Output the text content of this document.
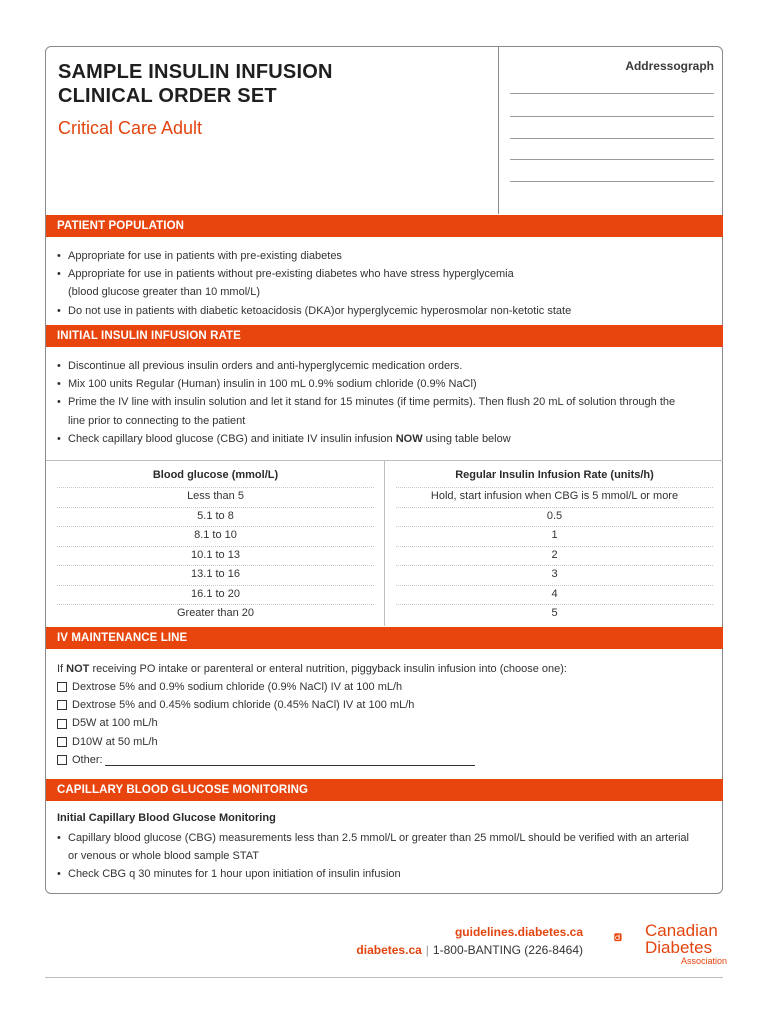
SAMPLE INSULIN INFUSION
CLINICAL ORDER SET
Critical Care Adult
Addressograph
PATIENT POPULATION
• Appropriate for use in patients with pre-existing diabetes
• Appropriate for use in patients without pre-existing diabetes who have stress hyperglycemia
(blood glucose greater than 10 mmol/L)
• Do not use in patients with diabetic ketoacidosis (DKA)or hyperglycemic hyperosmolar non-ketotic state
INITIAL INSULIN INFUSION RATE
• Discontinue all previous insulin orders and anti-hyperglycemic medication orders.
• Mix 100 units Regular (Human) insulin in 100 mL 0.9% sodium chloride (0.9% NaCl)
• Prime the IV line with insulin solution and let it stand for 15 minutes (if time permits). Then flush 20 mL of solution through the
line prior to connecting to the patient
• Check capillary blood glucose (CBG) and initiate IV insulin infusion NOW using table below
Blood glucose (mmol/L)	Regular Insulin Infusion Rate (units/h)
Less than 5	Hold, start infusion when CBG is 5 mmol/L or more
5.1 to 8	0.5
8.1 to 10	1
10.1 to 13	2
13.1 to 16	3
16.1 to 20	4
Greater than 20	5
IV MAINTENANCE LINE
If NOT receiving PO intake or parenteral or enteral nutrition, piggyback insulin infusion into (choose one):
Dextrose 5% and 0.9% sodium chloride (0.9% NaCl) IV at 100 mL/h
Dextrose 5% and 0.45% sodium chloride (0.45% NaCl) IV at 100 mL/h
D5W at 100 mL/h
D10W at 50 mL/h
Other:
CAPILLARY BLOOD GLUCOSE MONITORING
Initial Capillary Blood Glucose Monitoring
• Capillary blood glucose (CBG) measurements less than 2.5 mmol/L or greater than 25 mmol/L should be verified with an arterial
or venous or whole blood sample STAT
• Check CBG q 30 minutes for 1 hour upon initiation of insulin infusion
guidelines.diabetes.ca
diabetes.ca | 1-800-BANTING (226-8464)
Canadian
Diabetes
Association
